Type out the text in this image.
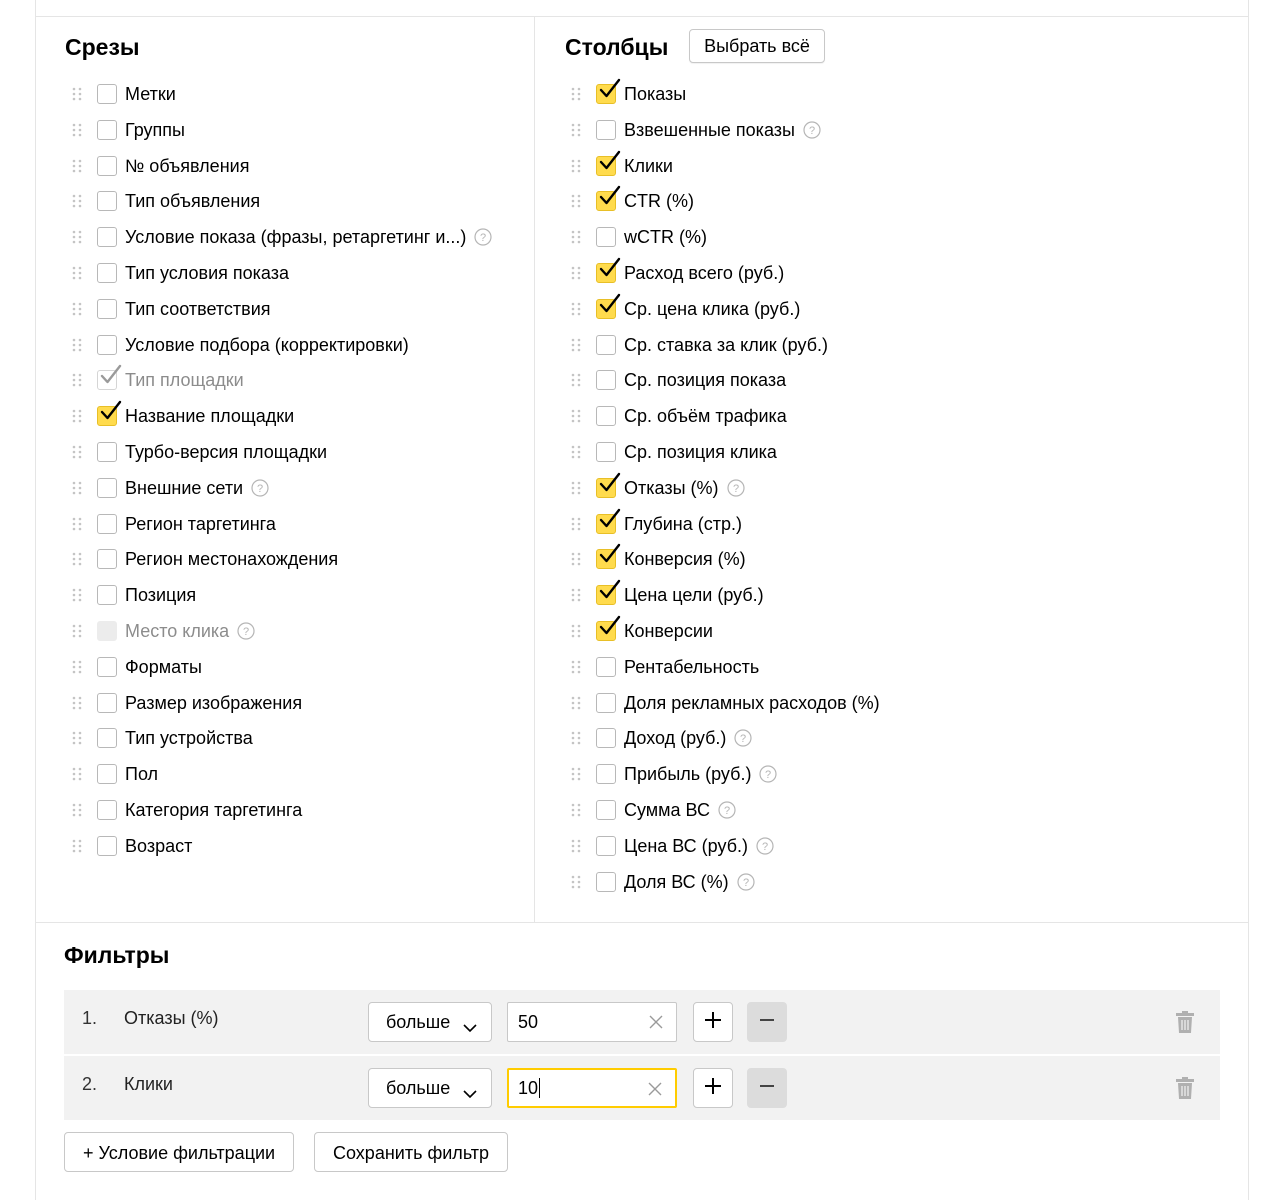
Срезы
Метки
Группы
№ объявления
Тип объявления
Условие показа (фразы, ретаргетинг и...) ?
Тип условия показа
Тип соответствия
Условие подбора (корректировки)
Тип площадки
Название площадки
Турбо-версия площадки
Внешние сети ?
Регион таргетинга
Регион местонахождения
Позиция
Место клика ?
Форматы
Размер изображения
Тип устройства
Пол
Категория таргетинга
Возраст
Столбцы	Выбрать всё
Показы
Взвешенные показы ?
Клики
CTR (%)
wCTR (%)
Расход всего (руб.)
Ср. цена клика (руб.)
Ср. ставка за клик (руб.)
Ср. позиция показа
Ср. объём трафика
Ср. позиция клика
Отказы (%) ?
Глубина (стр.)
Конверсия (%)
Цена цели (руб.)
Конверсии
Рентабельность
Доля рекламных расходов (%)
Доход (руб.) ?
Прибыль (руб.) ?
Сумма ВС ?
Цена ВС (руб.) ?
Доля ВС (%) ?
Фильтры
1. Отказы (%)	больше	50
2. Клики	больше	10
+ Условие фильтрации	Сохранить фильтр
